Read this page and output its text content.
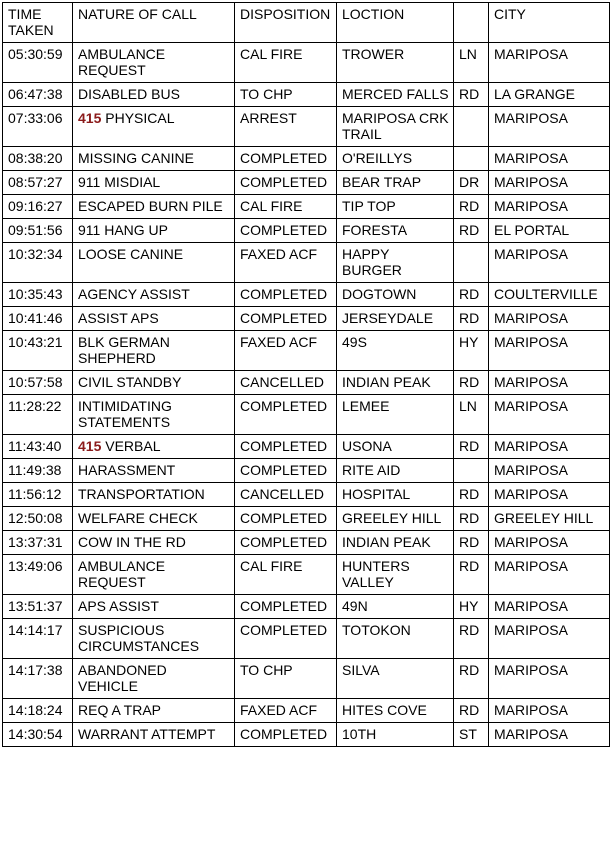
TIME TAKEN	NATURE OF CALL	DISPOSITION	LOCTION		CITY
05:30:59	AMBULANCE REQUEST	CAL FIRE	TROWER	LN	MARIPOSA
06:47:38	DISABLED BUS	TO CHP	MERCED FALLS	RD	LA GRANGE
07:33:06	415 PHYSICAL	ARREST	MARIPOSA CRK TRAIL		MARIPOSA
08:38:20	MISSING CANINE	COMPLETED	O'REILLYS		MARIPOSA
08:57:27	911 MISDIAL	COMPLETED	BEAR TRAP	DR	MARIPOSA
09:16:27	ESCAPED BURN PILE	CAL FIRE	TIP TOP	RD	MARIPOSA
09:51:56	911 HANG UP	COMPLETED	FORESTA	RD	EL PORTAL
10:32:34	LOOSE CANINE	FAXED ACF	HAPPY BURGER		MARIPOSA
10:35:43	AGENCY ASSIST	COMPLETED	DOGTOWN	RD	COULTERVILLE
10:41:46	ASSIST APS	COMPLETED	JERSEYDALE	RD	MARIPOSA
10:43:21	BLK GERMAN SHEPHERD	FAXED ACF	49S	HY	MARIPOSA
10:57:58	CIVIL STANDBY	CANCELLED	INDIAN PEAK	RD	MARIPOSA
11:28:22	INTIMIDATING STATEMENTS	COMPLETED	LEMEE	LN	MARIPOSA
11:43:40	415 VERBAL	COMPLETED	USONA	RD	MARIPOSA
11:49:38	HARASSMENT	COMPLETED	RITE AID		MARIPOSA
11:56:12	TRANSPORTATION	CANCELLED	HOSPITAL	RD	MARIPOSA
12:50:08	WELFARE CHECK	COMPLETED	GREELEY HILL	RD	GREELEY HILL
13:37:31	COW IN THE RD	COMPLETED	INDIAN PEAK	RD	MARIPOSA
13:49:06	AMBULANCE REQUEST	CAL FIRE	HUNTERS VALLEY	RD	MARIPOSA
13:51:37	APS ASSIST	COMPLETED	49N	HY	MARIPOSA
14:14:17	SUSPICIOUS CIRCUMSTANCES	COMPLETED	TOTOKON	RD	MARIPOSA
14:17:38	ABANDONED VEHICLE	TO CHP	SILVA	RD	MARIPOSA
14:18:24	REQ A TRAP	FAXED ACF	HITES COVE	RD	MARIPOSA
14:30:54	WARRANT ATTEMPT	COMPLETED	10TH	ST	MARIPOSA
